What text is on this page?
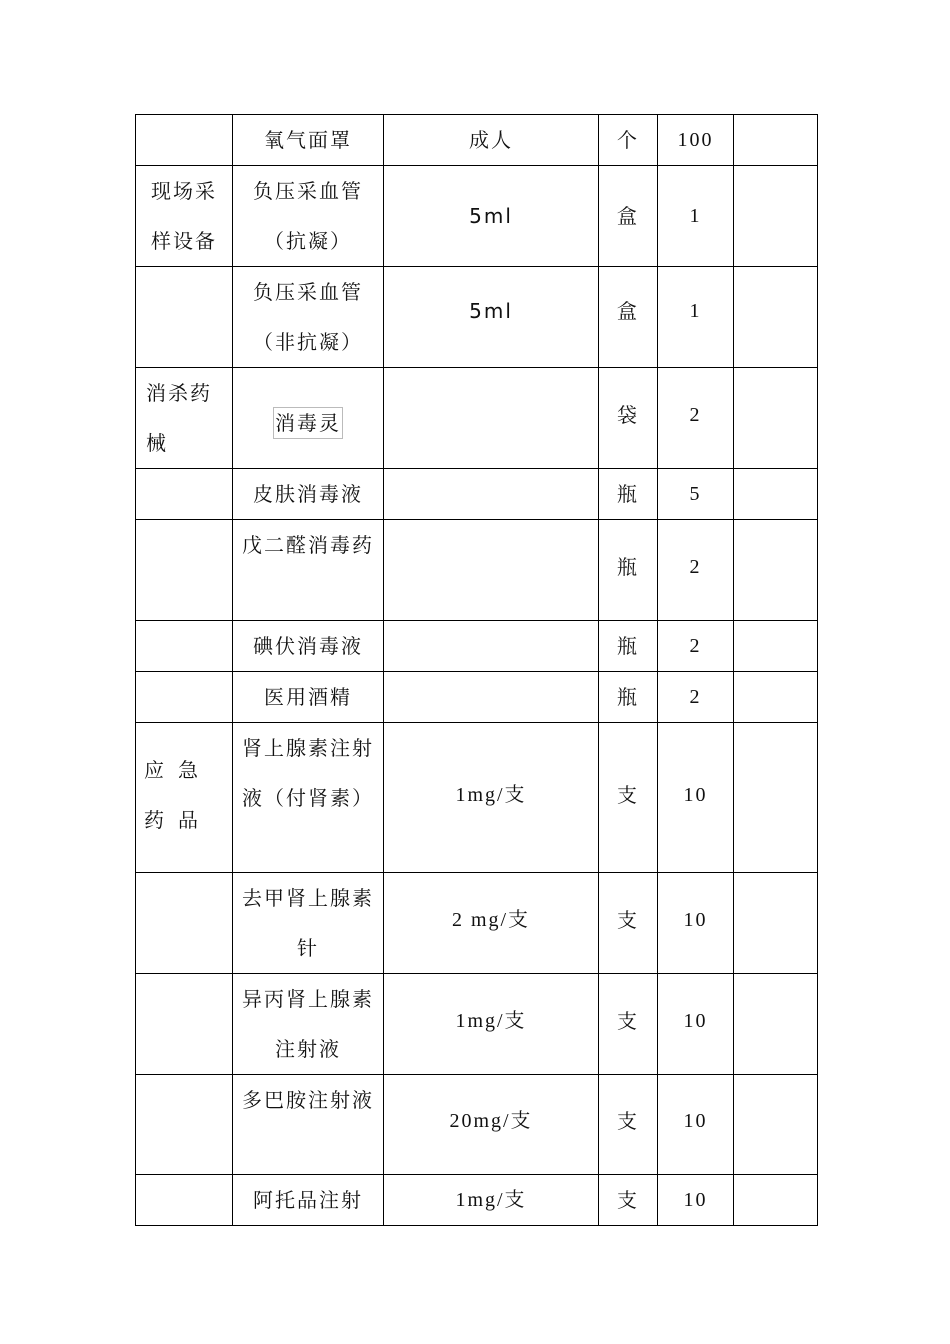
	氧气面罩	成人	个	100	

现场采样设备	负压采血管（抗凝）	5ml	盒	1	

	负压采血管（非抗凝）	5ml	盒	1	

消杀药械	消毒灵		袋	2	
	皮肤消毒液		瓶	5	

	戊二醛消毒药		瓶	2	
	碘伏消毒液		瓶	2	
	医用酒精		瓶	2	
应急药品	肾上腺素注射液（付肾素）	1mg/支	支	10	

	去甲肾上腺素针	2 mg/支	支	10	

	异丙肾上腺素注射液	1mg/支	支	10	

	多巴胺注射液	20mg/支	支	10	
	阿托品注射	1mg/支	支	10	
